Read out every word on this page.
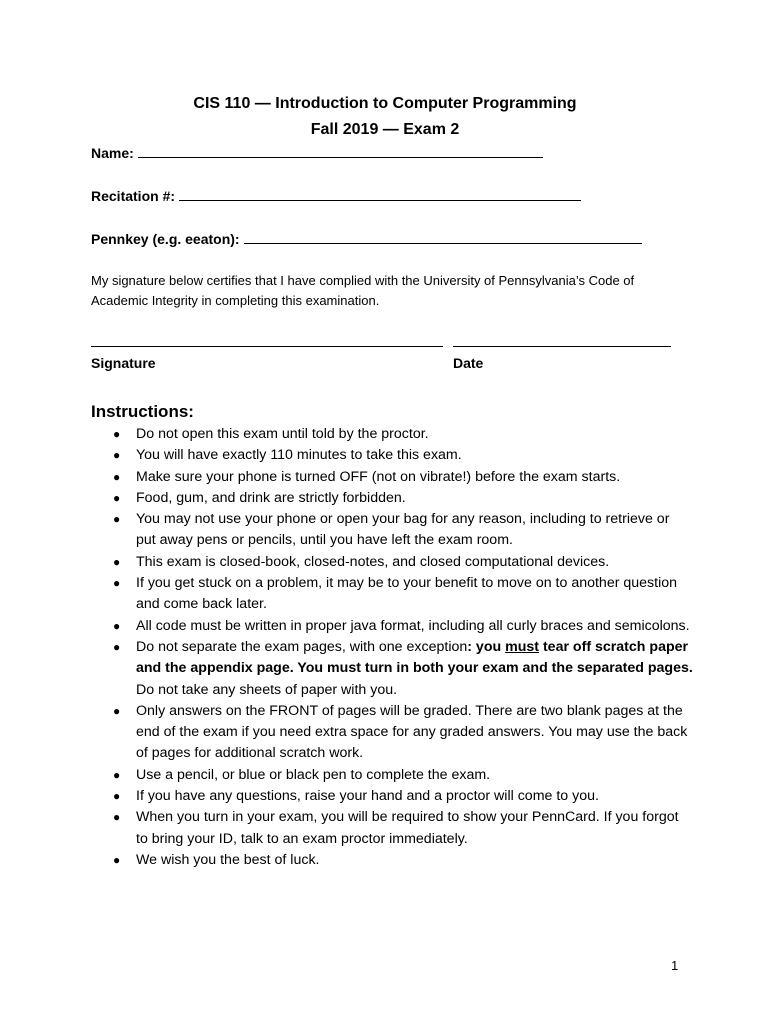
CIS 110 — Introduction to Computer Programming
Fall 2019 — Exam 2
Name:
Recitation #:
Pennkey (e.g. eeaton):
My signature below certifies that I have complied with the University of Pennsylvania’s Code of Academic Integrity in completing this examination.
Signature	Date
Instructions:
● Do not open this exam until told by the proctor.
● You will have exactly 110 minutes to take this exam.
● Make sure your phone is turned OFF (not on vibrate!) before the exam starts.
● Food, gum, and drink are strictly forbidden.
● You may not use your phone or open your bag for any reason, including to retrieve or put away pens or pencils, until you have left the exam room.
● This exam is closed-book, closed-notes, and closed computational devices.
● If you get stuck on a problem, it may be to your benefit to move on to another question and come back later.
● All code must be written in proper java format, including all curly braces and semicolons.
● Do not separate the exam pages, with one exception: you must tear off scratch paper and the appendix page. You must turn in both your exam and the separated pages. Do not take any sheets of paper with you.
● Only answers on the FRONT of pages will be graded. There are two blank pages at the end of the exam if you need extra space for any graded answers. You may use the back of pages for additional scratch work.
● Use a pencil, or blue or black pen to complete the exam.
● If you have any questions, raise your hand and a proctor will come to you.
● When you turn in your exam, you will be required to show your PennCard. If you forgot to bring your ID, talk to an exam proctor immediately.
● We wish you the best of luck.
1
